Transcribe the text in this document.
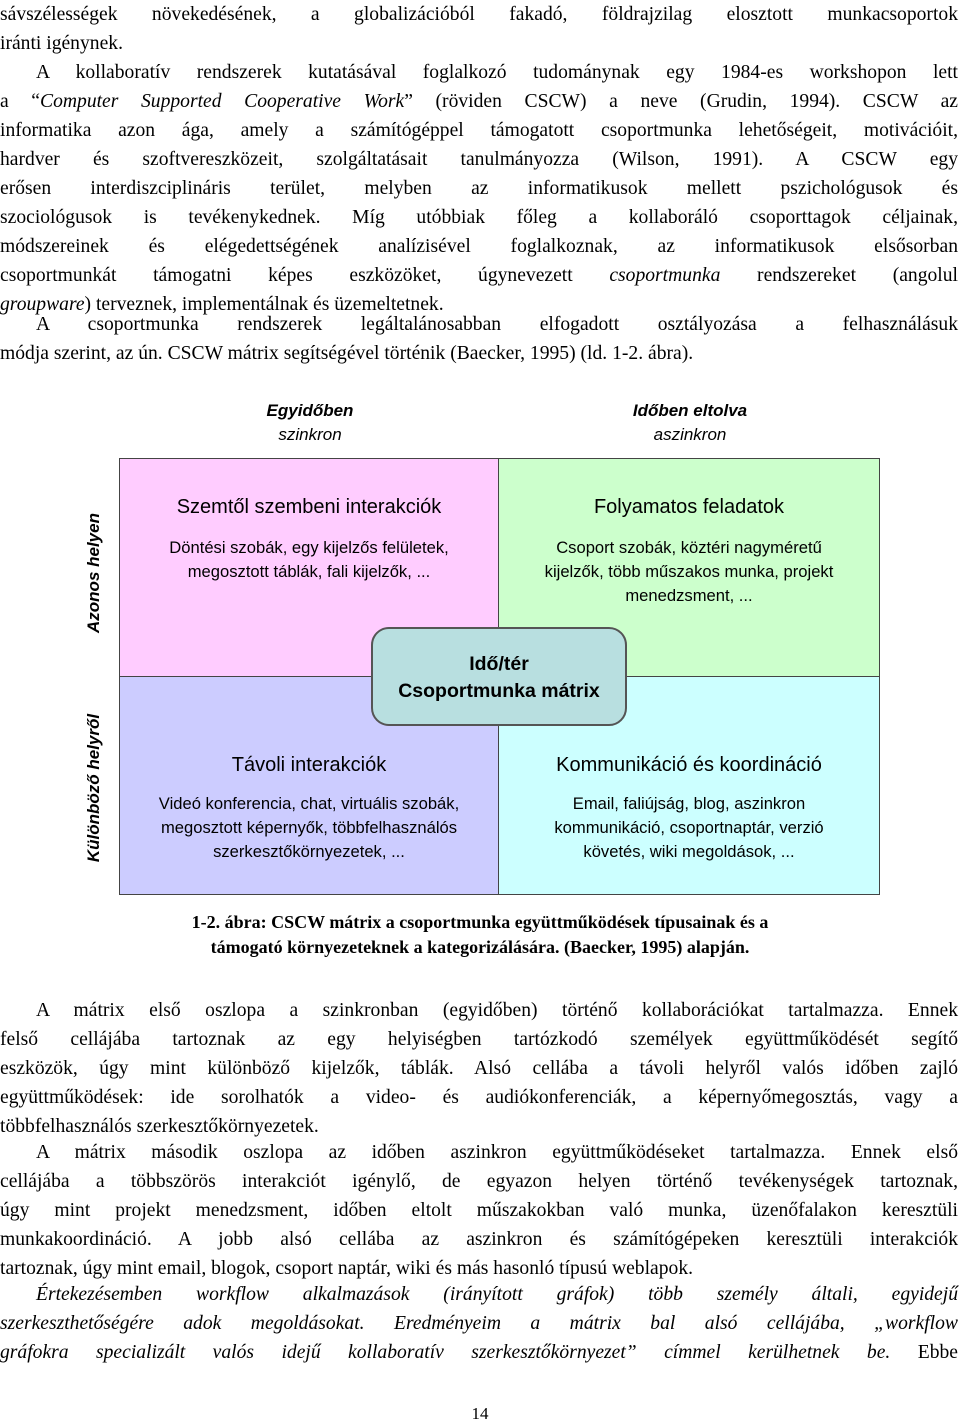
sávszélességek növekedésének, a globalizációból fakadó, földrajzilag elosztott munkacsoportok
iránti igénynek.
A kollaboratív rendszerek kutatásával foglalkozó tudománynak egy 1984-es workshopon lett
a “Computer Supported Cooperative Work” (röviden CSCW) a neve (Grudin, 1994). CSCW az
informatika azon ága, amely a számítógéppel támogatott csoportmunka lehetőségeit, motivációit,
hardver és szoftvereszközeit, szolgáltatásait tanulmányozza (Wilson, 1991). A CSCW egy
erősen interdiszciplináris terület, melyben az informatikusok mellett pszichológusok és
szociológusok is tevékenykednek. Míg utóbbiak főleg a kollaboráló csoporttagok céljainak,
módszereinek és elégedettségének analízisével foglalkoznak, az informatikusok elsősorban
csoportmunkát támogatni képes eszközöket, úgynevezett csoportmunka rendszereket (angolul
groupware) terveznek, implementálnak és üzemeltetnek.
A csoportmunka rendszerek legáltalánosabban elfogadott osztályozása a felhasználásuk
módja szerint, az ún. CSCW mátrix segítségével történik (Baecker, 1995) (ld. 1-2. ábra).
Egyidőben
szinkron
Időben eltolva
aszinkron
Azonos helyen
Különböző helyről
Szemtől szembeni interakciók
Döntési szobák, egy kijelzős felületek,
megosztott táblák, fali kijelzők, ...
Folyamatos feladatok
Csoport szobák, köztéri nagyméretű
kijelzők, több műszakos munka, projekt
menedzsment, ...
Távoli interakciók
Videó konferencia, chat, virtuális szobák,
megosztott képernyők, többfelhasználós
szerkesztőkörnyezetek, ...
Kommunikáció és koordináció
Email, faliújság, blog, aszinkron
kommunikáció, csoportnaptár, verzió
követés, wiki megoldások, ...
Idő/tér
Csoportmunka mátrix
1-2. ábra: CSCW mátrix a csoportmunka együttműködések típusainak és a
támogató környezeteknek a kategorizálására. (Baecker, 1995) alapján.
A mátrix első oszlopa a szinkronban (egyidőben) történő kollaborációkat tartalmazza. Ennek
felső cellájába tartoznak az egy helyiségben tartózkodó személyek együttműködését segítő
eszközök, úgy mint különböző kijelzők, táblák. Alsó cellába a távoli helyről valós időben zajló
együttműködések: ide sorolhatók a video- és audiókonferenciák, a képernyőmegosztás, vagy a
többfelhasználós szerkesztőkörnyezetek.
A mátrix második oszlopa az időben aszinkron együttműködéseket tartalmazza. Ennek első
cellájába a többszörös interakciót igénylő, de egyazon helyen történő tevékenységek tartoznak,
úgy mint projekt menedzsment, időben eltolt műszakokban való munka, üzenőfalakon keresztüli
munkakoordináció. A jobb alsó cellába az aszinkron és számítógépeken keresztüli interakciók
tartoznak, úgy mint email, blogok, csoport naptár, wiki és más hasonló típusú weblapok.
Értekezésemben workflow alkalmazások (irányított gráfok) több személy általi, egyidejű
szerkeszthetőségére adok megoldásokat. Eredményeim a mátrix bal alsó cellájába, „workflow
gráfokra specializált valós idejű kollaboratív szerkesztőkörnyezet” címmel kerülhetnek be. Ebbe
14
